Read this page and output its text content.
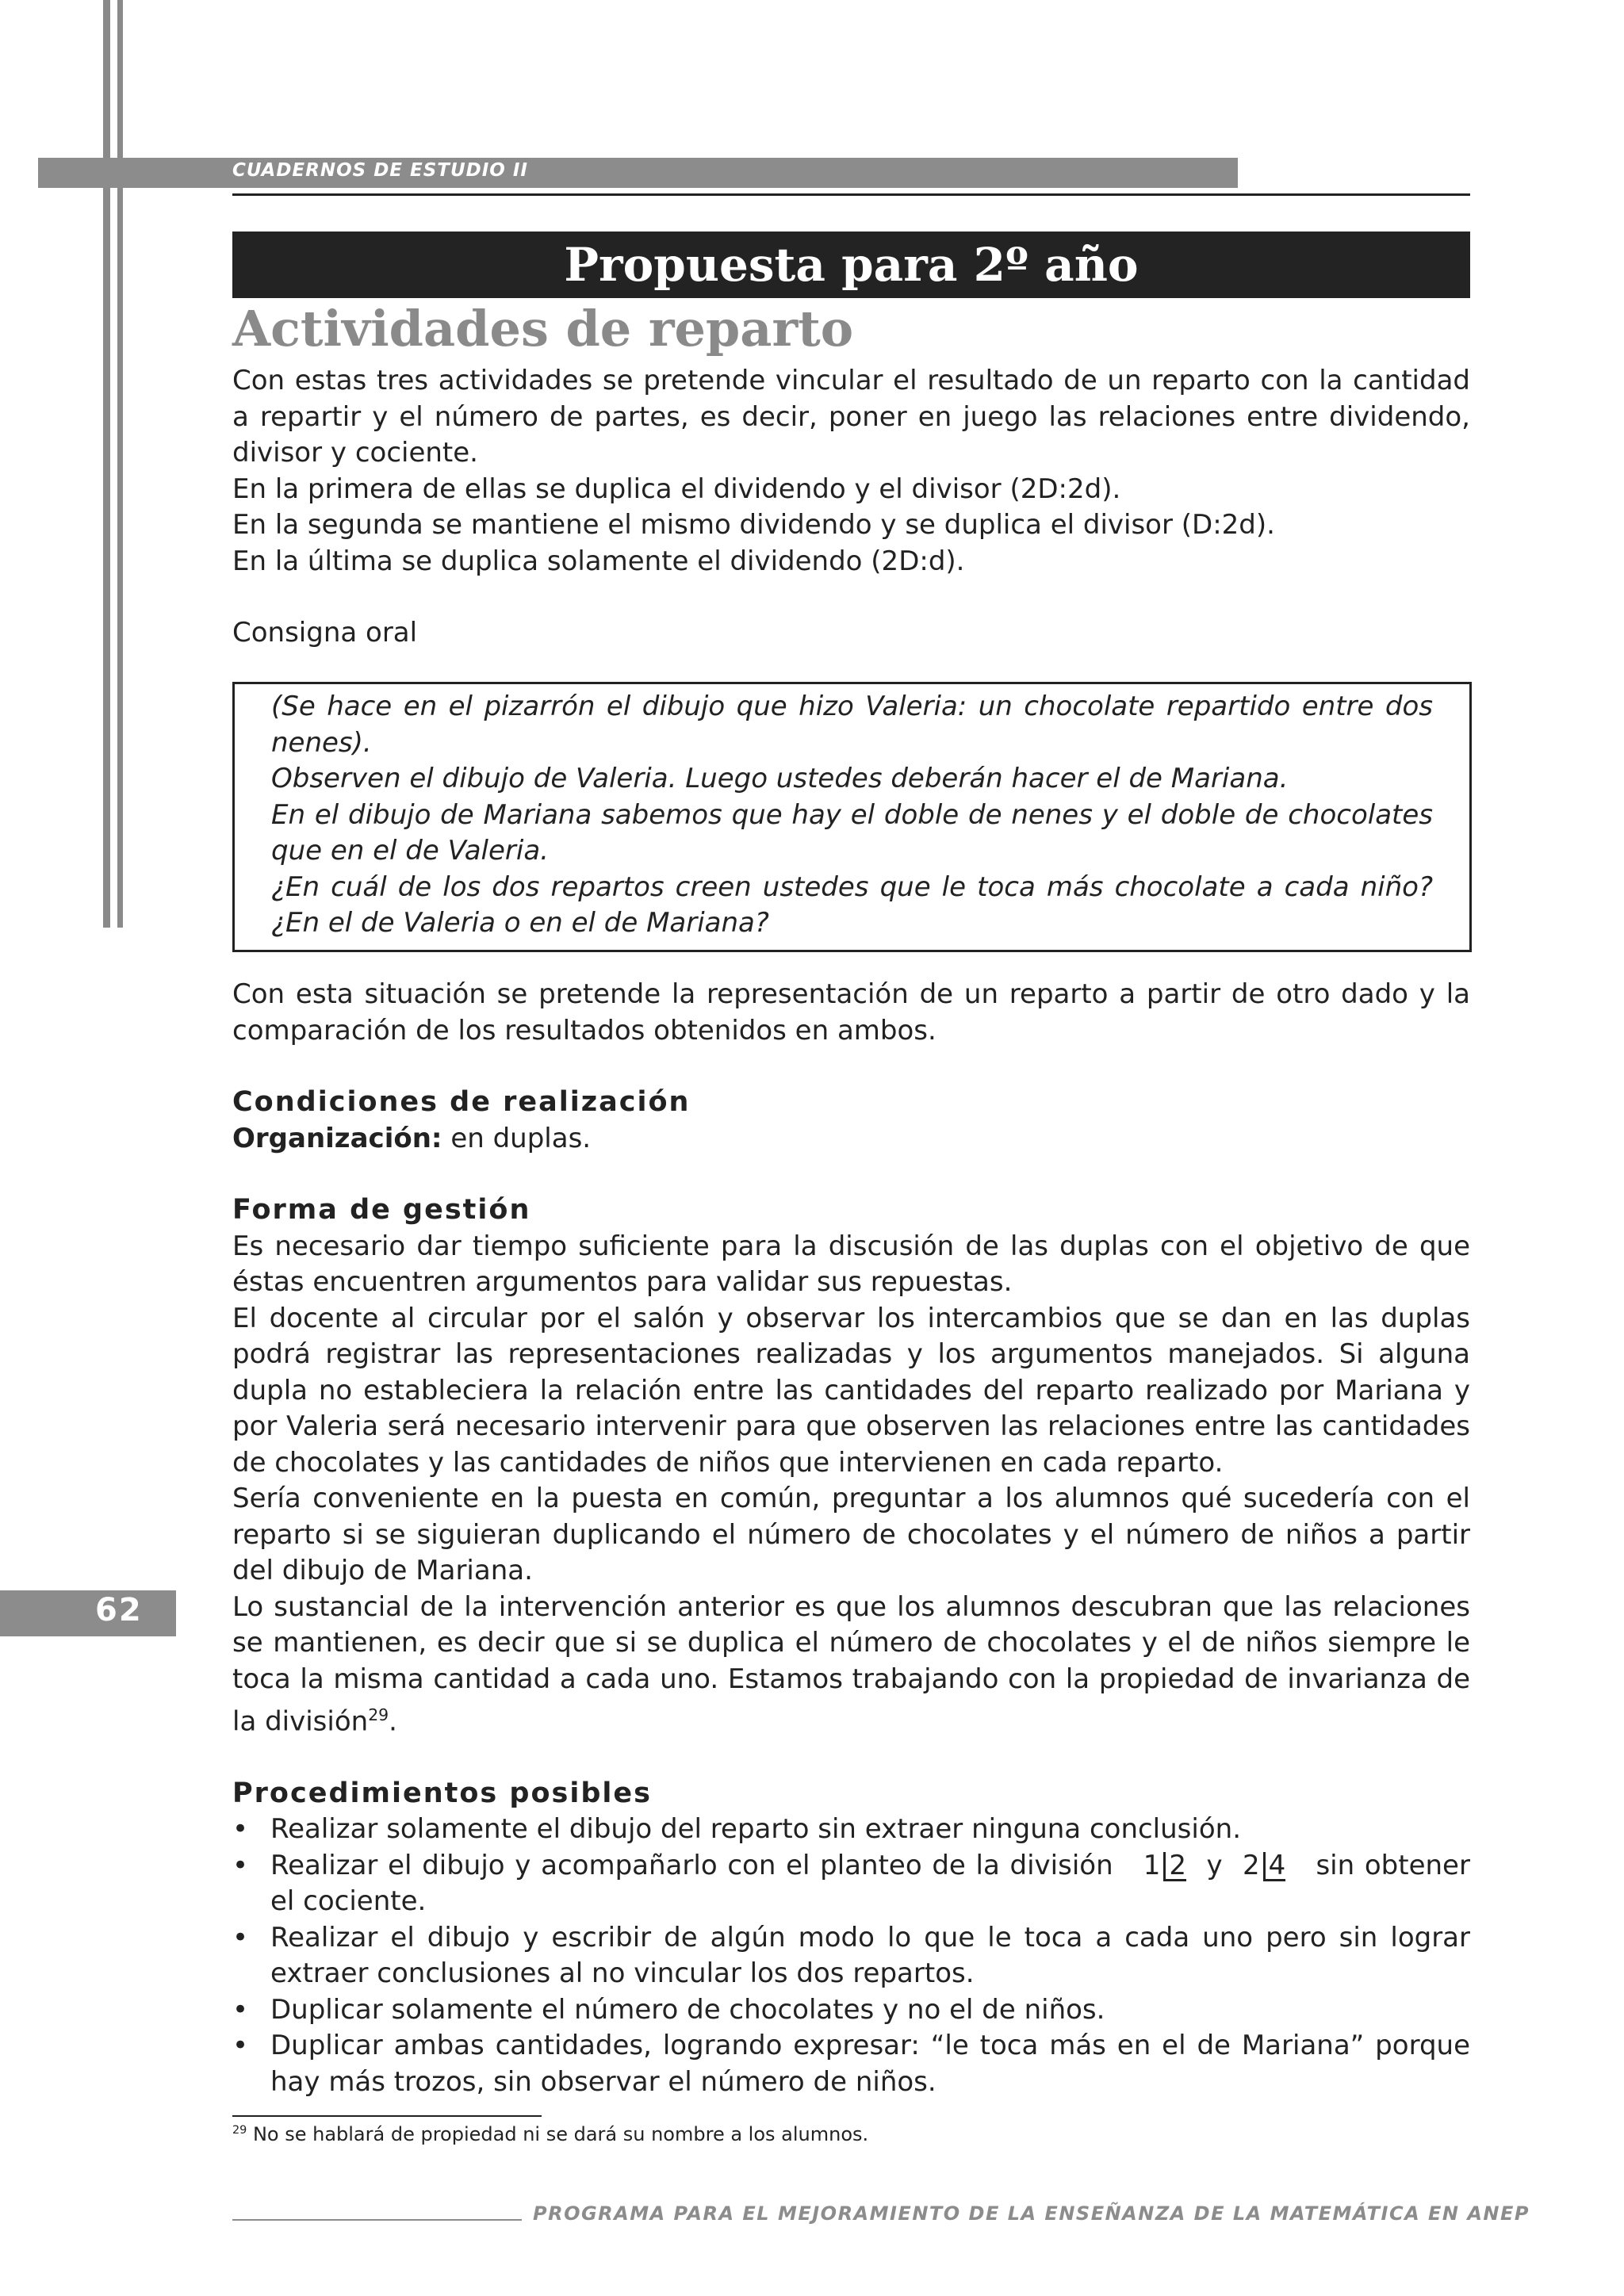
CUADERNOS DE ESTUDIO II
Propuesta para 2º año
Actividades de reparto

Con estas tres actividades se pretende vincular el resultado de un reparto con la cantidad a repartir y el número de partes, es decir, poner en juego las relaciones entre dividendo, divisor y cociente.

En la primera de ellas se duplica el dividendo y el divisor (2D:2d).

En la segunda se mantiene el mismo dividendo y se duplica el divisor (D:2d).

En la última se duplica solamente el dividendo (2D:d).

Consigna oral

(Se hace en el pizarrón el dibujo que hizo Valeria: un chocolate repartido entre dos nenes).

Observen el dibujo de Valeria. Luego ustedes deberán hacer el de Mariana.

En el dibujo de Mariana sabemos que hay el doble de nenes y el doble de chocolates que en el de Valeria.

¿En cuál de los dos repartos creen ustedes que le toca más chocolate a cada niño? ¿En el de Valeria o en el de Mariana?

Con esta situación se pretende la representación de un reparto a partir de otro dado y la comparación de los resultados obtenidos en ambos.

Condiciones de realización

Organización: en duplas.

Forma de gestión

Es necesario dar tiempo suficiente para la discusión de las duplas con el objetivo de que éstas encuentren argumentos para validar sus repuestas.

El docente al circular por el salón y observar los intercambios que se dan en las duplas podrá registrar las representaciones realizadas y los argumentos manejados. Si alguna dupla no estableciera la relación entre las cantidades del reparto realizado por Mariana y por Valeria será necesario intervenir para que observen las relaciones entre las cantidades de chocolates y las cantidades de niños que intervienen en cada reparto.

Sería conveniente en la puesta en común, preguntar a los alumnos qué sucedería con el reparto si se siguieran duplicando el número de chocolates y el número de niños a partir del dibujo de Mariana.

Lo sustancial de la intervención anterior es que los alumnos descubran que las relaciones se mantienen, es decir que si se duplica el número de chocolates y el de niños siempre le toca la misma cantidad a cada uno. Estamos trabajando con la propiedad de invarianza de la división$^{29}$.

Procedimientos posibles

• Realizar solamente el dibujo del reparto sin extraer ninguna conclusión.
• Realizar el dibujo y acompañarlo con el planteo de la división 1 2 y 2 4 sin obtener el cociente.
• Realizar el dibujo y escribir de algún modo lo que le toca a cada uno pero sin lograr extraer conclusiones al no vincular los dos repartos.
• Duplicar solamente el número de chocolates y no el de niños.
• Duplicar ambas cantidades, logrando expresar: “le toca más en el de Mariana” porque hay más trozos, sin observar el número de niños.
$^{29}$ No se hablará de propiedad ni se dará su nombre a los alumnos.
62
PROGRAMA PARA EL MEJORAMIENTO DE LA ENSEÑANZA DE LA MATEMÁTICA EN ANEP
